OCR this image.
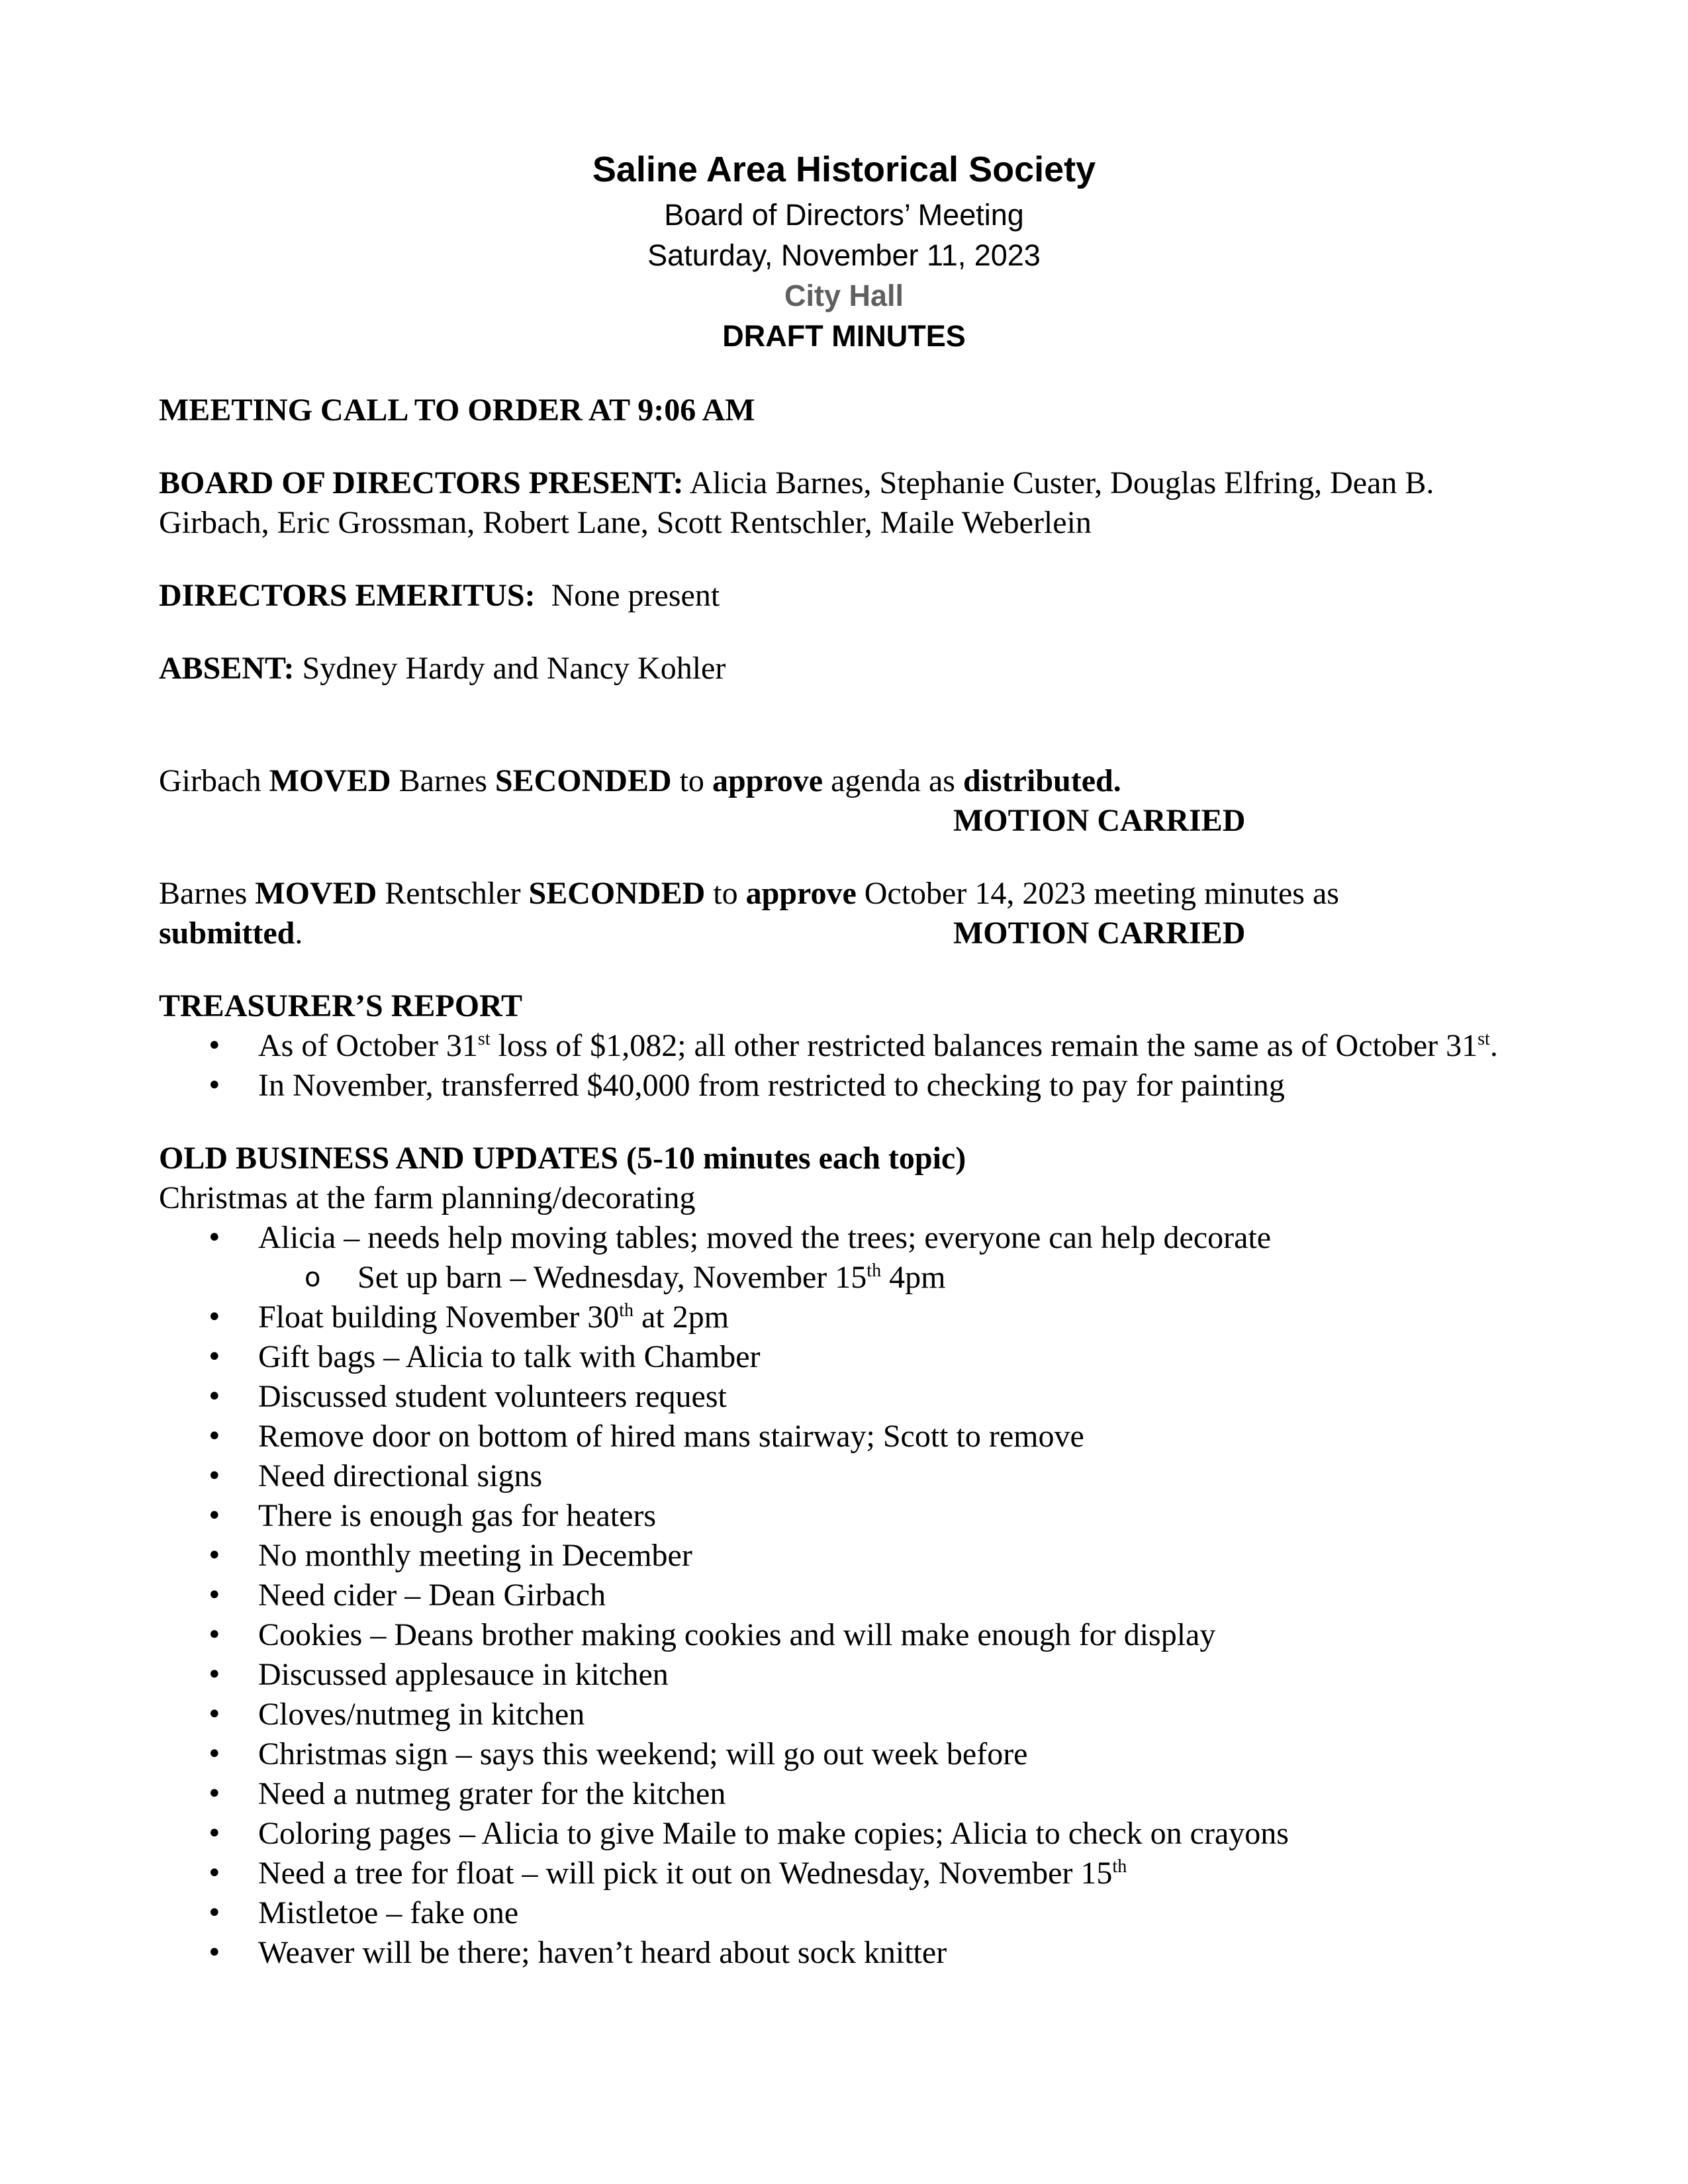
Saline Area Historical Society
Board of Directors’ Meeting
Saturday, November 11, 2023
City Hall
DRAFT MINUTES
MEETING CALL TO ORDER AT 9:06 AM
BOARD OF DIRECTORS PRESENT: Alicia Barnes, Stephanie Custer, Douglas Elfring, Dean B. Girbach, Eric Grossman, Robert Lane, Scott Rentschler, Maile Weberlein
DIRECTORS EMERITUS: None present
ABSENT: Sydney Hardy and Nancy Kohler
Girbach MOVED Barnes SECONDED to approve agenda as distributed.
MOTION CARRIED
Barnes MOVED Rentschler SECONDED to approve October 14, 2023 meeting minutes as
submitted.	MOTION CARRIED
TREASURER’S REPORT
• As of October 31st loss of $1,082; all other restricted balances remain the same as of October 31st.
• In November, transferred $40,000 from restricted to checking to pay for painting
OLD BUSINESS AND UPDATES (5-10 minutes each topic)
Christmas at the farm planning/decorating
• Alicia – needs help moving tables; moved the trees; everyone can help decorate
o Set up barn – Wednesday, November 15th 4pm
• Float building November 30th at 2pm
• Gift bags – Alicia to talk with Chamber
• Discussed student volunteers request
• Remove door on bottom of hired mans stairway; Scott to remove
• Need directional signs
• There is enough gas for heaters
• No monthly meeting in December
• Need cider – Dean Girbach
• Cookies – Deans brother making cookies and will make enough for display
• Discussed applesauce in kitchen
• Cloves/nutmeg in kitchen
• Christmas sign – says this weekend; will go out week before
• Need a nutmeg grater for the kitchen
• Coloring pages – Alicia to give Maile to make copies; Alicia to check on crayons
• Need a tree for float – will pick it out on Wednesday, November 15th
• Mistletoe – fake one
• Weaver will be there; haven’t heard about sock knitter
